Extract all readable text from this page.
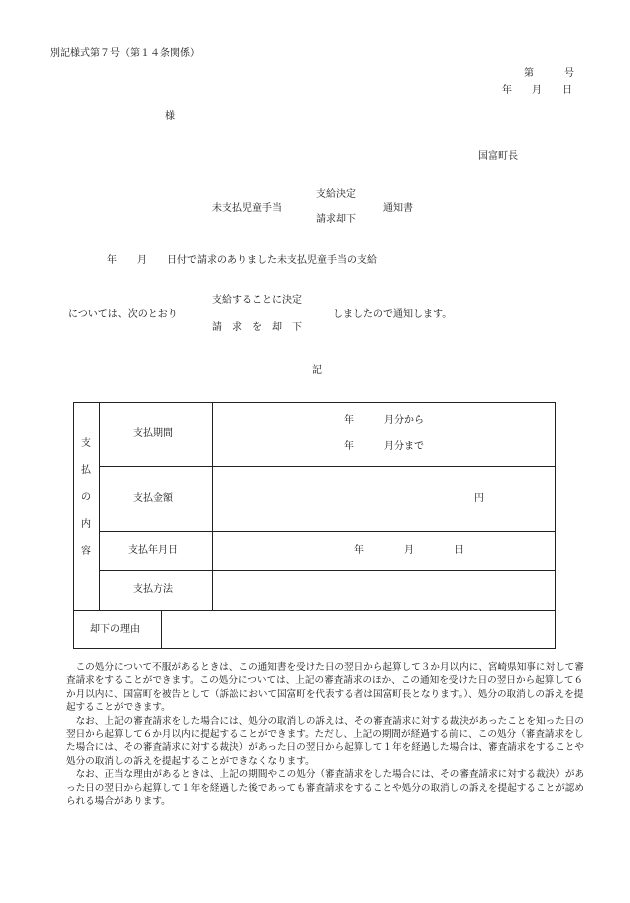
別記様式第７号（第１４条関係）
第　　　号
年　　月　　日
様
国富町長
未支払児童手当
支給決定
請求却下
通知書
年　　月　　日付で請求のありました未支払児童手当の支給
については、次のとおり
支給することに決定
請　求　を　却　下
しましたので通知します。
記
支
払
の
内
容
支払期間
年　　　月分から
年　　　月分まで
支払金額	円
支払年月日	年　　　　月　　　　日
支払方法
却下の理由

この処分について不服があるときは、この通知書を受けた日の翌日から起算して３か月以内に、宮崎県知事に対して審査請求をすることができます。この処分については、上記の審査請求のほか、この通知を受けた日の翌日から起算して６か月以内に、国富町を被告として（訴訟において国富町を代表する者は国富町長となります。）、処分の取消しの訴えを提起することができます。

なお、上記の審査請求をした場合には、処分の取消しの訴えは、その審査請求に対する裁決があったことを知った日の翌日から起算して６か月以内に提起することができます。ただし、上記の期間が経過する前に、この処分（審査請求をした場合には、その審査請求に対する裁決）があった日の翌日から起算して１年を経過した場合は、審査請求をすることや処分の取消しの訴えを提起することができなくなります。

なお、正当な理由があるときは、上記の期間やこの処分（審査請求をした場合には、その審査請求に対する裁決）があった日の翌日から起算して１年を経過した後であっても審査請求をすることや処分の取消しの訴えを提起することが認められる場合があります。
